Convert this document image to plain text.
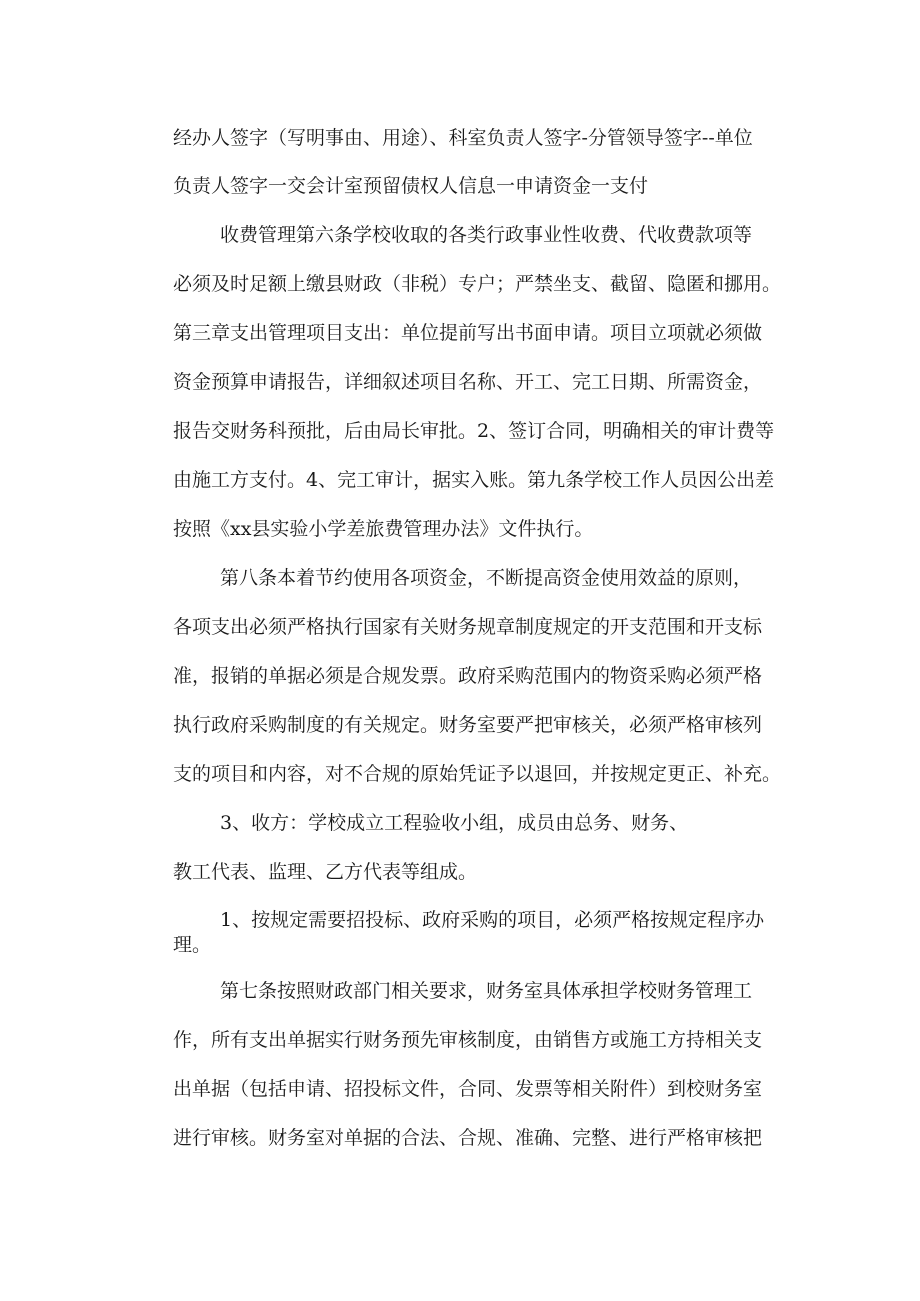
经办人签字（写明事由、用途）、科室负责人签字-分管领导签字--单位
负责人签字一交会计室预留债权人信息一申请资金一支付
收费管理第六条学校收取的各类行政事业性收费、代收费款项等
必须及时足额上缴县财政（非税）专户；严禁坐支、截留、隐匿和挪用。
第三章支出管理项目支出：单位提前写出书面申请。项目立项就必须做
资金预算申请报告，详细叙述项目名称、开工、完工日期、所需资金，
报告交财务科预批，后由局长审批。2、签订合同，明确相关的审计费等
由施工方支付。4、完工审计，据实入账。第九条学校工作人员因公出差
按照《xx县实验小学差旅费管理办法》文件执行。
第八条本着节约使用各项资金，不断提高资金使用效益的原则，
各项支出必须严格执行国家有关财务规章制度规定的开支范围和开支标
准，报销的单据必须是合规发票。政府采购范围内的物资采购必须严格
执行政府采购制度的有关规定。财务室要严把审核关，必须严格审核列
支的项目和内容，对不合规的原始凭证予以退回，并按规定更正、补充。
3、收方：学校成立工程验收小组，成员由总务、财务、
教工代表、监理、乙方代表等组成。
1、按规定需要招投标、政府采购的项目，必须严格按规定程序办
理。
第七条按照财政部门相关要求，财务室具体承担学校财务管理工
作，所有支出单据实行财务预先审核制度，由销售方或施工方持相关支
出单据（包括申请、招投标文件，合同、发票等相关附件）到校财务室
进行审核。财务室对单据的合法、合规、准确、完整、进行严格审核把
